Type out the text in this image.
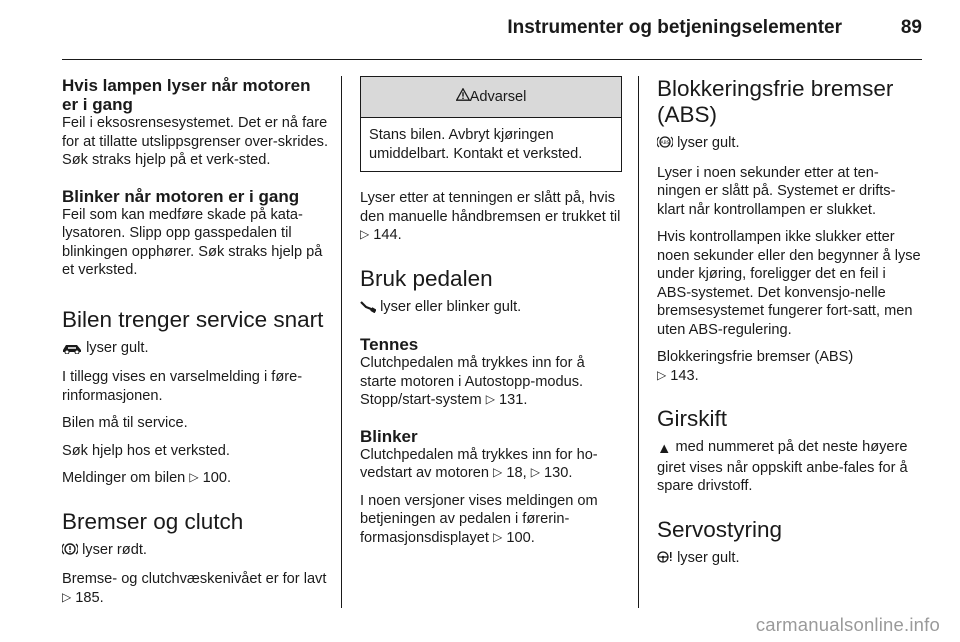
Instrumenter og betjeningselementer	89
Hvis lampen lyser når motoren er i gang

Feil i eksosrensesystemet. Det er nå fare for at tillatte utslippsgrenser over-skrides. Søk straks hjelp på et verk-sted.

Blinker når motoren er i gang

Feil som kan medføre skade på kata-lysatoren. Slipp opp gasspedalen til blinkingen opphører. Søk straks hjelp på et verksted.

Bilen trenger service snart

lyser gult.

I tillegg vises en varselmelding i føre-rinformasjonen.

Bilen må til service.

Søk hjelp hos et verksted.

Meldinger om bilen ▷ 100.

Bremser og clutch

lyser rødt.

Bremse- og clutchvæskenivået er for lavt ▷ 185.

Advarsel
Stans bilen. Avbryt kjøringen umiddelbart. Kontakt et verksted.

Lyser etter at tenningen er slått på, hvis den manuelle håndbremsen er trukket til ▷ 144.

Bruk pedalen

lyser eller blinker gult.

Tennes

Clutchpedalen må trykkes inn for å starte motoren i Autostopp-modus. Stopp/start-system ▷ 131.

Blinker

Clutchpedalen må trykkes inn for ho-vedstart av motoren ▷ 18, ▷ 130.

I noen versjoner vises meldingen om betjeningen av pedalen i førerin-formasjonsdisplayet ▷ 100.

Blokkeringsfrie bremser (ABS)

ABS lyser gult.

Lyser i noen sekunder etter at ten-ningen er slått på. Systemet er drifts-klart når kontrollampen er slukket.

Hvis kontrollampen ikke slukker etter noen sekunder eller den begynner å lyse under kjøring, foreligger det en feil i ABS-systemet. Det konvensjo-nelle bremsesystemet fungerer fort-satt, men uten ABS-regulering.

Blokkeringsfrie bremser (ABS)
▷ 143.

Girskift

▲ med nummeret på det neste høyere giret vises når oppskift anbe-fales for å spare drivstoff.

Servostyring

lyser gult.

carmanualsonline.info
